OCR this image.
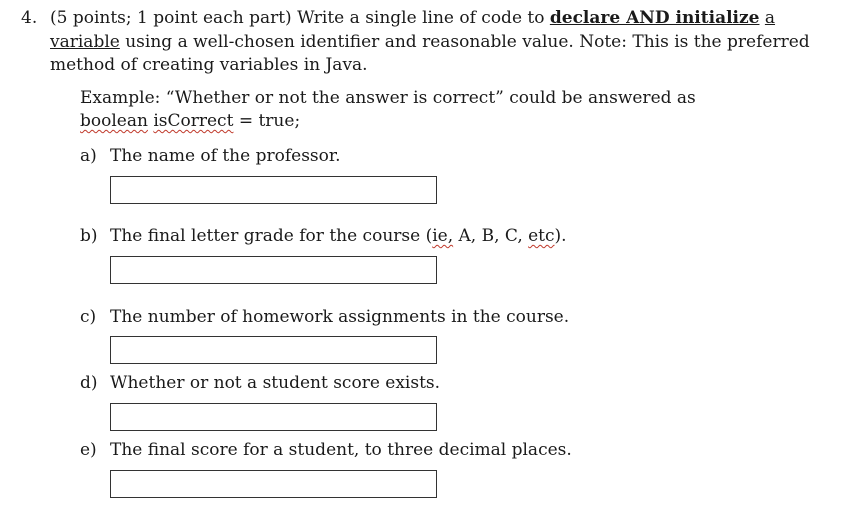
4. (5 points; 1 point each part) Write a single line of code to declare AND initialize a variable using a well-chosen identifier and reasonable value. Note: This is the preferred method of creating variables in Java.
Example: “Whether or not the answer is correct” could be answered as
boolean isCorrect = true;
a) The name of the professor.
b) The final letter grade for the course (ie, A, B, C, etc).
c) The number of homework assignments in the course.
d) Whether or not a student score exists.
e) The final score for a student, to three decimal places.
